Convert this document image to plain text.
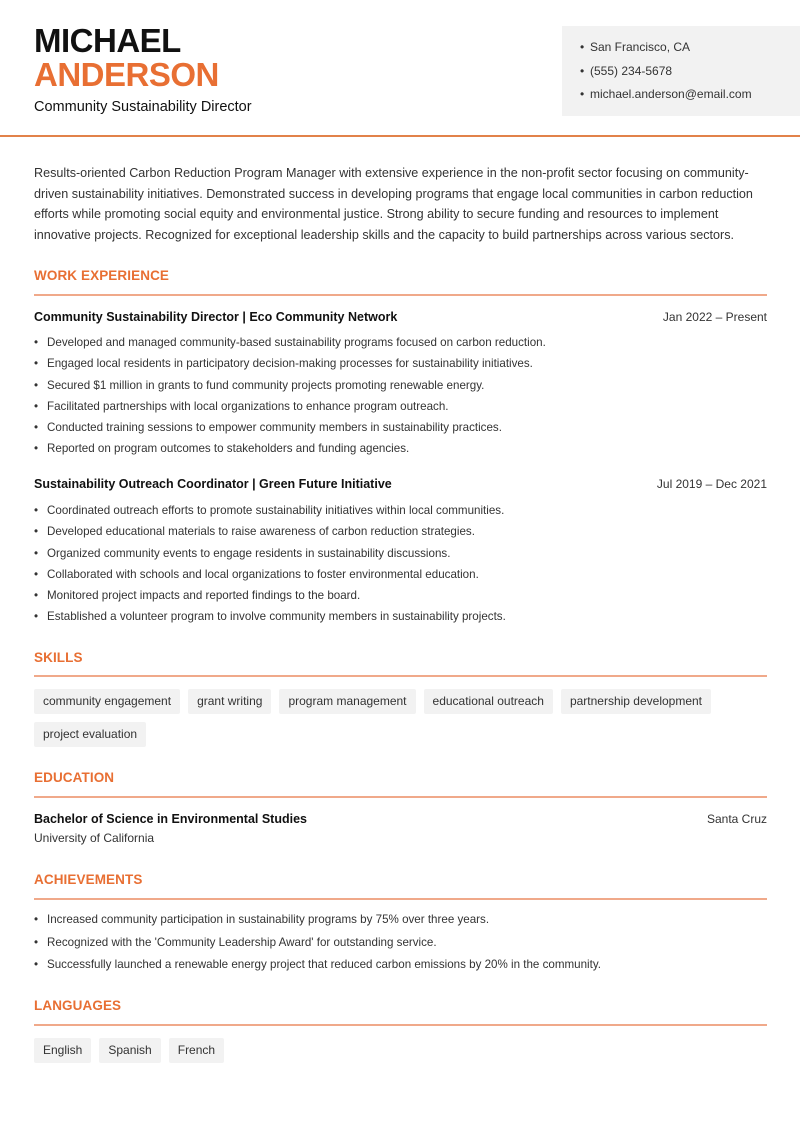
MICHAEL
ANDERSON
Community Sustainability Director
• San Francisco, CA
• (555) 234-5678
• michael.anderson@email.com

Results-oriented Carbon Reduction Program Manager with extensive experience in the non-profit sector focusing on community-driven sustainability initiatives. Demonstrated success in developing programs that engage local communities in carbon reduction efforts while promoting social equity and environmental justice. Strong ability to secure funding and resources to implement innovative projects. Recognized for exceptional leadership skills and the capacity to build partnerships across various sectors.

WORK EXPERIENCE
Community Sustainability Director | Eco Community Network	Jan 2022 – Present
• Developed and managed community-based sustainability programs focused on carbon reduction.
• Engaged local residents in participatory decision-making processes for sustainability initiatives.
• Secured $1 million in grants to fund community projects promoting renewable energy.
• Facilitated partnerships with local organizations to enhance program outreach.
• Conducted training sessions to empower community members in sustainability practices.
• Reported on program outcomes to stakeholders and funding agencies.
Sustainability Outreach Coordinator | Green Future Initiative	Jul 2019 – Dec 2021
• Coordinated outreach efforts to promote sustainability initiatives within local communities.
• Developed educational materials to raise awareness of carbon reduction strategies.
• Organized community events to engage residents in sustainability discussions.
• Collaborated with schools and local organizations to foster environmental education.
• Monitored project impacts and reported findings to the board.
• Established a volunteer program to involve community members in sustainability projects.
SKILLS
community engagement	grant writing	program management	educational outreach	partnership development
project evaluation
EDUCATION
Bachelor of Science in Environmental Studies	Santa Cruz
University of California
ACHIEVEMENTS
• Increased community participation in sustainability programs by 75% over three years.
• Recognized with the 'Community Leadership Award' for outstanding service.
• Successfully launched a renewable energy project that reduced carbon emissions by 20% in the community.
LANGUAGES
English	Spanish	French
